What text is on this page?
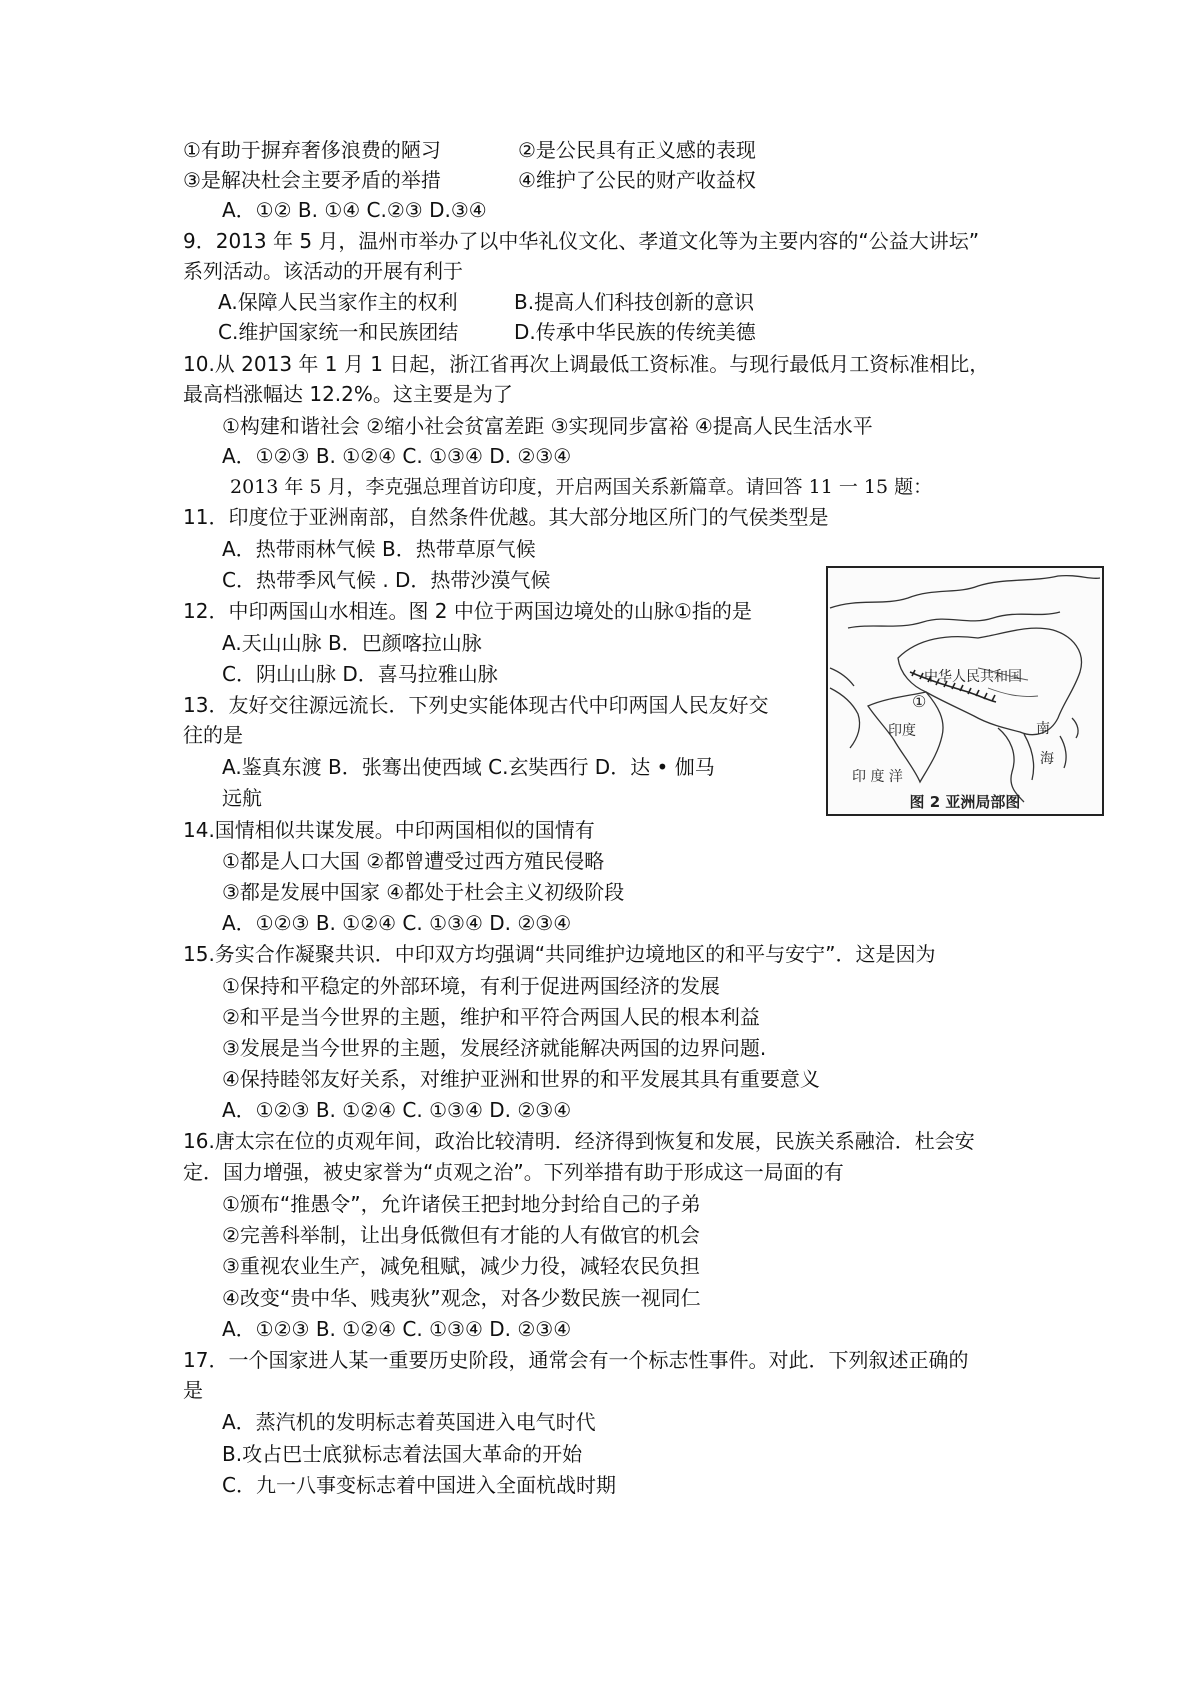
①有助于摒弃奢侈浪费的陋习	②是公民具有正义感的表现
③是解决杜会主要矛盾的举措	④维护了公民的财产收益权
A．①② B. ①④ C.②③ D.③④
9．2013 年 5 月，温州市举办了以中华礼仪文化、孝道文化等为主要内容的“公益大讲坛”
系列活动。该活动的开展有利于
A.保障人民当家作主的权利	B.提高人们科技创新的意识
C.维护国家统一和民族团结	D.传承中华民族的传统美德
10.从 2013 年 1 月 1 日起，浙江省再次上调最低工资标准。与现行最低月工资标准相比，
最高档涨幅达 12.2%。这主要是为了
①构建和谐社会 ②缩小社会贫富差距 ③实现同步富裕 ④提高人民生活水平
A．①②③ B. ①②④ C. ①③④ D. ②③④
2013 年 5 月，李克强总理首访印度，开启两国关系新篇章。请回答 11 一 15 题：
11．印度位于亚洲南部，自然条件优越。其大部分地区所门的气侯类型是
A．热带雨林气候 B．热带草原气候
C．热带季风气候 . D．热带沙漠气候
12．中印两国山水相连。图 2 中位于两国边境处的山脉①指的是
A.天山山脉 B．巴颜喀拉山脉
C．阴山山脉 D．喜马拉雅山脉
13．友好交往源远流长．下列史实能体现古代中印两国人民友好交
往的是
A.鉴真东渡 B．张骞出使西域 C.玄奘西行 D．达 • 伽马
远航
14.国情相似共谋发展。中印两国相似的国情有
①都是人口大国 ②都曾遭受过西方殖民侵略
③都是发展中国家 ④都处于杜会主义初级阶段
A．①②③ B. ①②④ C. ①③④ D. ②③④
15.务实合作凝聚共识．中印双方均强调“共同维护边境地区的和平与安宁”．这是因为
①保持和平稳定的外部环境，有利于促进两国经济的发展
②和平是当今世界的主题，维护和平符合两国人民的根本利益
③发展是当今世界的主题，发展经济就能解决两国的边界问题.
④保持睦邻友好关系，对维护亚洲和世界的和平发展其具有重要意义
A．①②③ B. ①②④ C. ①③④ D. ②③④
16.唐太宗在位的贞观年间，政治比较清明．经济得到恢复和发展，民族关系融洽．杜会安
定．国力增强，被史家誉为“贞观之治”。下列举措有助于形成这一局面的有
①颁布“推愚令”，允许诸侯王把封地分封给自己的子弟
②完善科举制，让出身低微但有才能的人有做官的机会
③重视农业生产，减免租赋，减少力役，减轻农民负担
④改变“贵中华、贱夷狄”观念，对各少数民族一视同仁
A．①②③ B. ①②④ C. ①③④ D. ②③④
17．一个国家进人某一重要历史阶段，通常会有一个标志性事件。对此．下列叙述正确的
是
A．蒸汽机的发明标志着英国进入电气时代
B.攻占巴士底狱标志着法国大革命的开始
C．九一八事变标志着中国进入全面杭战时期
中华人民共和国
①
印度	南
海
印 度 洋
图 2 亚洲局部图
